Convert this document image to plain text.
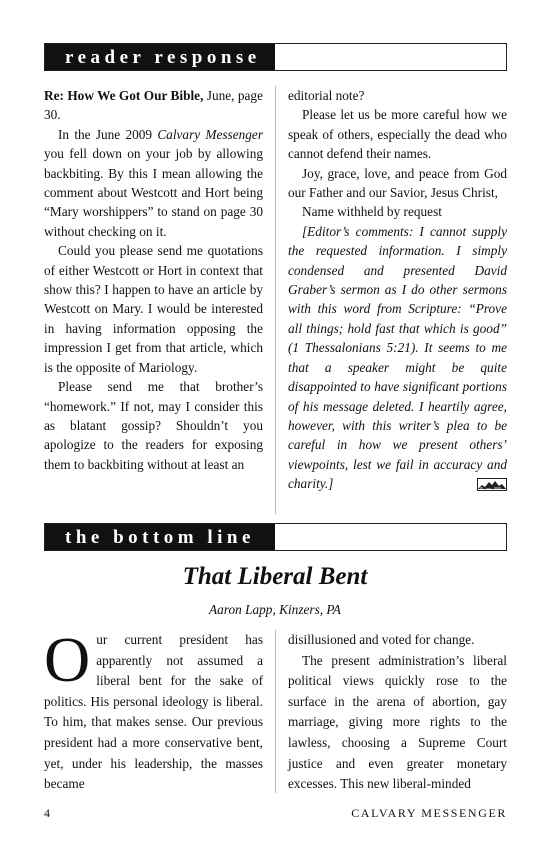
reader response

Re: How We Got Our Bible, June, page 30.

In the June 2009 Calvary Messenger you fell down on your job by allowing backbiting. By this I mean allowing the comment about Westcott and Hort being “Mary worshippers” to stand on page 30 without checking on it.

Could you please send me quotations of either Westcott or Hort in context that show this? I happen to have an article by Westcott on Mary. I would be interested in having information opposing the impression I get from that article, which is the opposite of Mariology.

Please send me that brother’s “homework.” If not, may I consider this as blatant gossip? Shouldn’t you apologize to the readers for exposing them to backbiting without at least an

editorial note?

Please let us be more careful how we speak of others, especially the dead who cannot defend their names.

Joy, grace, love, and peace from God our Father and our Savior, Jesus Christ,

Name withheld by request

[Editor’s comments: I cannot supply the requested information. I simply condensed and presented David Graber’s sermon as I do other sermons with this word from Scripture: “Prove all things; hold fast that which is good” (1 Thessalonians 5:21). It seems to me that a speaker might be quite disappointed to have significant portions of his message deleted. I heartily agree, however, with this writer’s plea to be careful in how we present others’ viewpoints, lest we fail in accuracy and charity.]

the bottom line
That Liberal Bent
Aaron Lapp, Kinzers, PA

Our current president has apparently not assumed a liberal bent for the sake of politics. His personal ideology is liberal. To him, that makes sense. Our previous president had a more conservative bent, yet, under his leadership, the masses became

disillusioned and voted for change.

The present administration’s liberal political views quickly rose to the surface in the arena of abortion, gay marriage, giving more rights to the lawless, choosing a Supreme Court justice and even greater monetary excesses. This new liberal-minded

4	CALVARY MESSENGER
